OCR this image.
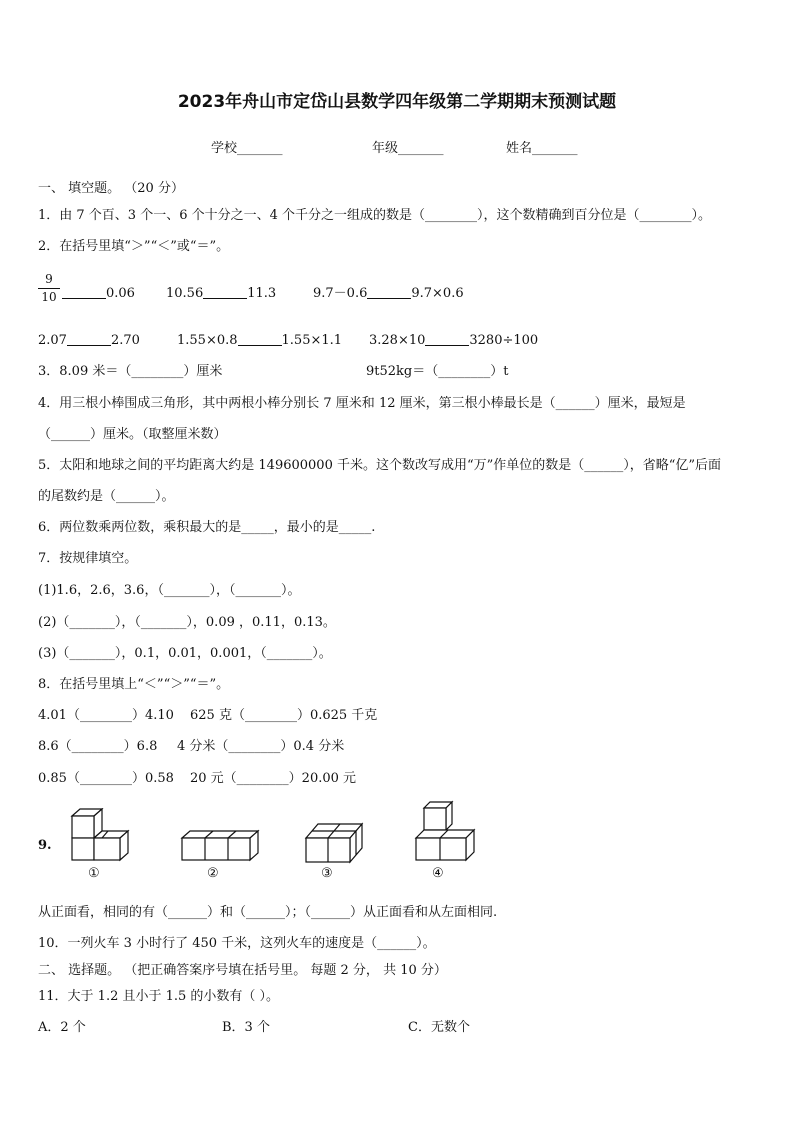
2023年舟山市定岱山县数学四年级第二学期期末预测试题
学校_______	年级_______	姓名_______
一、 填空题。 （20 分）
1．由 7 个百、3 个一、6 个十分之一、4 个千分之一组成的数是（________），这个数精确到百分位是（________）。
2．在括号里填“＞”“＜”或“＝”。
9
10	0.06 10.56	11.3	9.7－0.6	9.7×0.6
2.07	2.70	1.55×0.8	1.55×1.1 3.28×10	3280÷100
3．8.09 米＝（________）厘米	9t52kg＝（________）t
4．用三根小棒围成三角形，其中两根小棒分别长 7 厘米和 12 厘米，第三根小棒最长是（______）厘米，最短是
（______）厘米。（取整厘米数）
5．太阳和地球之间的平均距离大约是 149600000 千米。这个数改写成用“万”作单位的数是（______），省略“亿”后面
的尾数约是（______）。
6．两位数乘两位数，乘积最大的是_____，最小的是_____.
7．按规律填空。
(1)1.6，2.6，3.6，（_______），（_______）。
(2)（_______），（_______），0.09 ，0.11，0.13。
(3)（_______），0.1，0.01，0.001，（_______）。
8．在括号里填上“＜”“＞”“＝”。
4.01（________）4.10 625 克（________）0.625 千克
8.6（________）6.8 4 分米（________）0.4 分米
0.85（________）0.58 20 元（________）20.00 元
9.
①	②	③	④
从正面看，相同的有（______）和（______）；（______）从正面看和从左面相同.
10．一列火车 3 小时行了 450 千米，这列火车的速度是（______）。
二、 选择题。 （把正确答案序号填在括号里。 每题 2 分， 共 10 分）
11．大于 1.2 且小于 1.5 的小数有（ ）。
A．2 个	B．3 个	C．无数个
